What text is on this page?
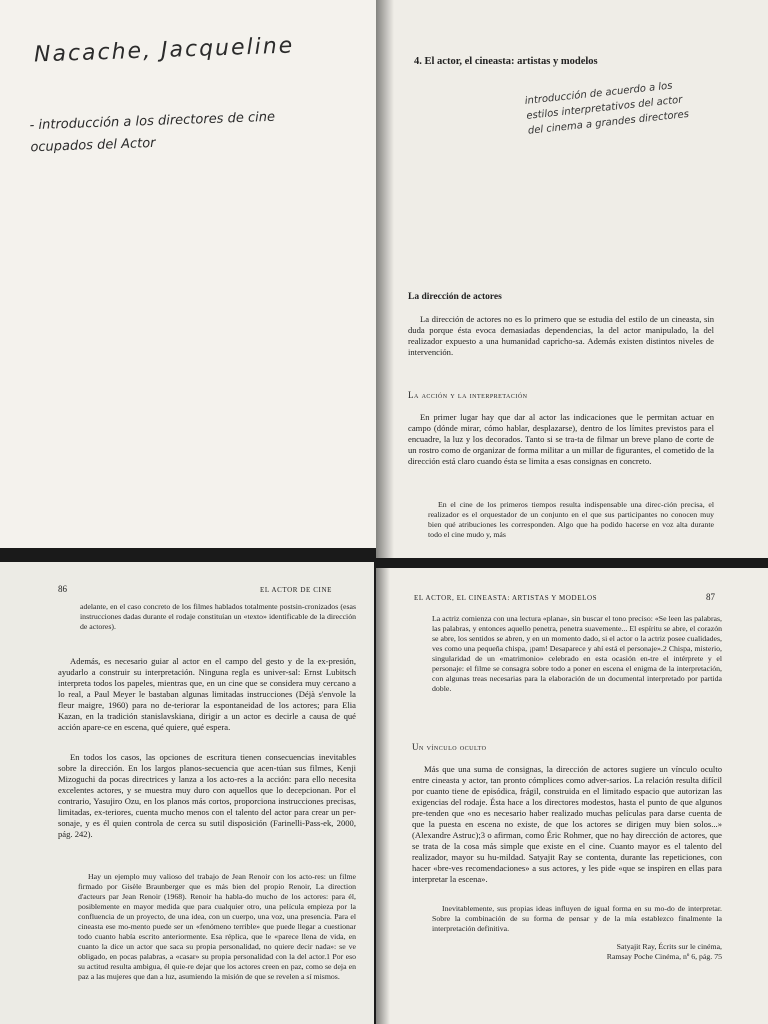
Nacache, Jacqueline
- introducción a los directores de cine ocupados del Actor
4. El actor, el cineasta: artistas y modelos
introducción de acuerdo a los estilos interpretativos del actor del cinema a grandes directores
La dirección de actores
La dirección de actores no es lo primero que se estudia del estilo de un cineasta, sin duda porque ésta evoca demasiadas dependencias, la del actor manipulado, la del realizador expuesto a una humanidad capricho-sa. Además existen distintos niveles de intervención.
La acción y la interpretación
En primer lugar hay que dar al actor las indicaciones que le permitan actuar en campo (dónde mirar, cómo hablar, desplazarse), dentro de los límites previstos para el encuadre, la luz y los decorados. Tanto si se tra-ta de filmar un breve plano de corte de un rostro como de organizar de forma militar a un millar de figurantes, el cometido de la dirección está claro cuando ésta se limita a esas consignas en concreto.
En el cine de los primeros tiempos resulta indispensable una direc-ción precisa, el realizador es el orquestador de un conjunto en el que sus participantes no conocen muy bien qué atribuciones les corresponden. Algo que ha podido hacerse en voz alta durante todo el cine mudo y, más
86	EL ACTOR DE CINE
adelante, en el caso concreto de los filmes hablados totalmente postsin-cronizados (esas instrucciones dadas durante el rodaje constituían un «texto» identificable de la dirección de actores).
Además, es necesario guiar al actor en el campo del gesto y de la ex-presión, ayudarlo a construir su interpretación. Ninguna regla es univer-sal: Ernst Lubitsch interpreta todos los papeles, mientras que, en un cine que se considera muy cercano a lo real, a Paul Meyer le bastaban algunas limitadas instrucciones (Déjà s'envole la fleur maigre, 1960) para no de-teriorar la espontaneidad de los actores; para Elia Kazan, en la tradición stanislavskiana, dirigir a un actor es decirle a causa de qué acción apare-ce en escena, qué quiere, qué espera.
En todos los casos, las opciones de escritura tienen consecuencias inevitables sobre la dirección. En los largos planos-secuencia que acen-túan sus filmes, Kenji Mizoguchi da pocas directrices y lanza a los acto-res a la acción: para ello necesita excelentes actores, y se muestra muy duro con aquellos que lo decepcionan. Por el contrario, Yasujiro Ozu, en los planos más cortos, proporciona instrucciones precisas, limitadas, ex-teriores, cuenta mucho menos con el talento del actor para crear un per-sonaje, y es él quien controla de cerca su sutil disposición (Farinelli-Pass-ek, 2000, pág. 242).
Hay un ejemplo muy valioso del trabajo de Jean Renoir con los acto-res: un filme firmado por Gisèle Braunberger que es más bien del propio Renoir, La direction d'acteurs par Jean Renoir (1968). Renoir ha habla-do mucho de los actores: para él, posiblemente en mayor medida que para cualquier otro, una película empieza por la confluencia de un proyecto, de una idea, con un cuerpo, una voz, una presencia. Para el cineasta ese mo-mento puede ser un «fenómeno terrible» que puede llegar a cuestionar todo cuanto había escrito anteriormente. Esa réplica, que le «parece llena de vida, en cuanto la dice un actor que saca su propia personalidad, no quiere decir nada»: se ve obligado, en pocas palabras, a «casar» su propia personalidad con la del actor.1 Por eso su actitud resulta ambigua, él quie-re dejar que los actores creen en paz, como se deja en paz a las mujeres que dan a luz, asumiendo la misión de que se revelen a sí mismos.
EL ACTOR, EL CINEASTA: ARTISTAS Y MODELOS	87
La actriz comienza con una lectura «plana», sin buscar el tono preciso: «Se leen las palabras, las palabras, y entonces aquello penetra, penetra suavemente... El espíritu se abre, el corazón se abre, los sentidos se abren, y en un momento dado, si el actor o la actriz posee cualidades, ves como una pequeña chispa, ¡pam! Desaparece y ahí está el personaje».2 Chispa, misterio, singularidad de un «matrimonio» celebrado en esta ocasión en-tre el intérprete y el personaje: el filme se consagra sobre todo a poner en escena el enigma de la interpretación, con algunas treas necesarias para la elaboración de un documental interpretado por partida doble.
Un vínculo oculto
Más que una suma de consignas, la dirección de actores sugiere un vínculo oculto entre cineasta y actor, tan pronto cómplices como adver-sarios. La relación resulta difícil por cuanto tiene de episódica, frágil, construida en el limitado espacio que autorizan las exigencias del rodaje. Ésta hace a los directores modestos, hasta el punto de que algunos pre-tenden que «no es necesario haber realizado muchas películas para darse cuenta de que la puesta en escena no existe, de que los actores se dirigen muy bien solos...» (Alexandre Astruc);3 o afirman, como Éric Rohmer, que no hay dirección de actores, que se trata de la cosa más simple que existe en el cine. Cuanto mayor es el talento del realizador, mayor su hu-mildad. Satyajit Ray se contenta, durante las repeticiones, con hacer «bre-ves recomendaciones» a sus actores, y les pide «que se inspiren en ellas para interpretar la escena».
Inevitablemente, sus propias ideas influyen de igual forma en su mo-do de interpretar. Sobre la combinación de su forma de pensar y de la mía establezco finalmente la interpretación definitiva.
Satyajit Ray, Écrits sur le cinéma,
Ramsay Poche Cinéma, nº 6, pág. 75
